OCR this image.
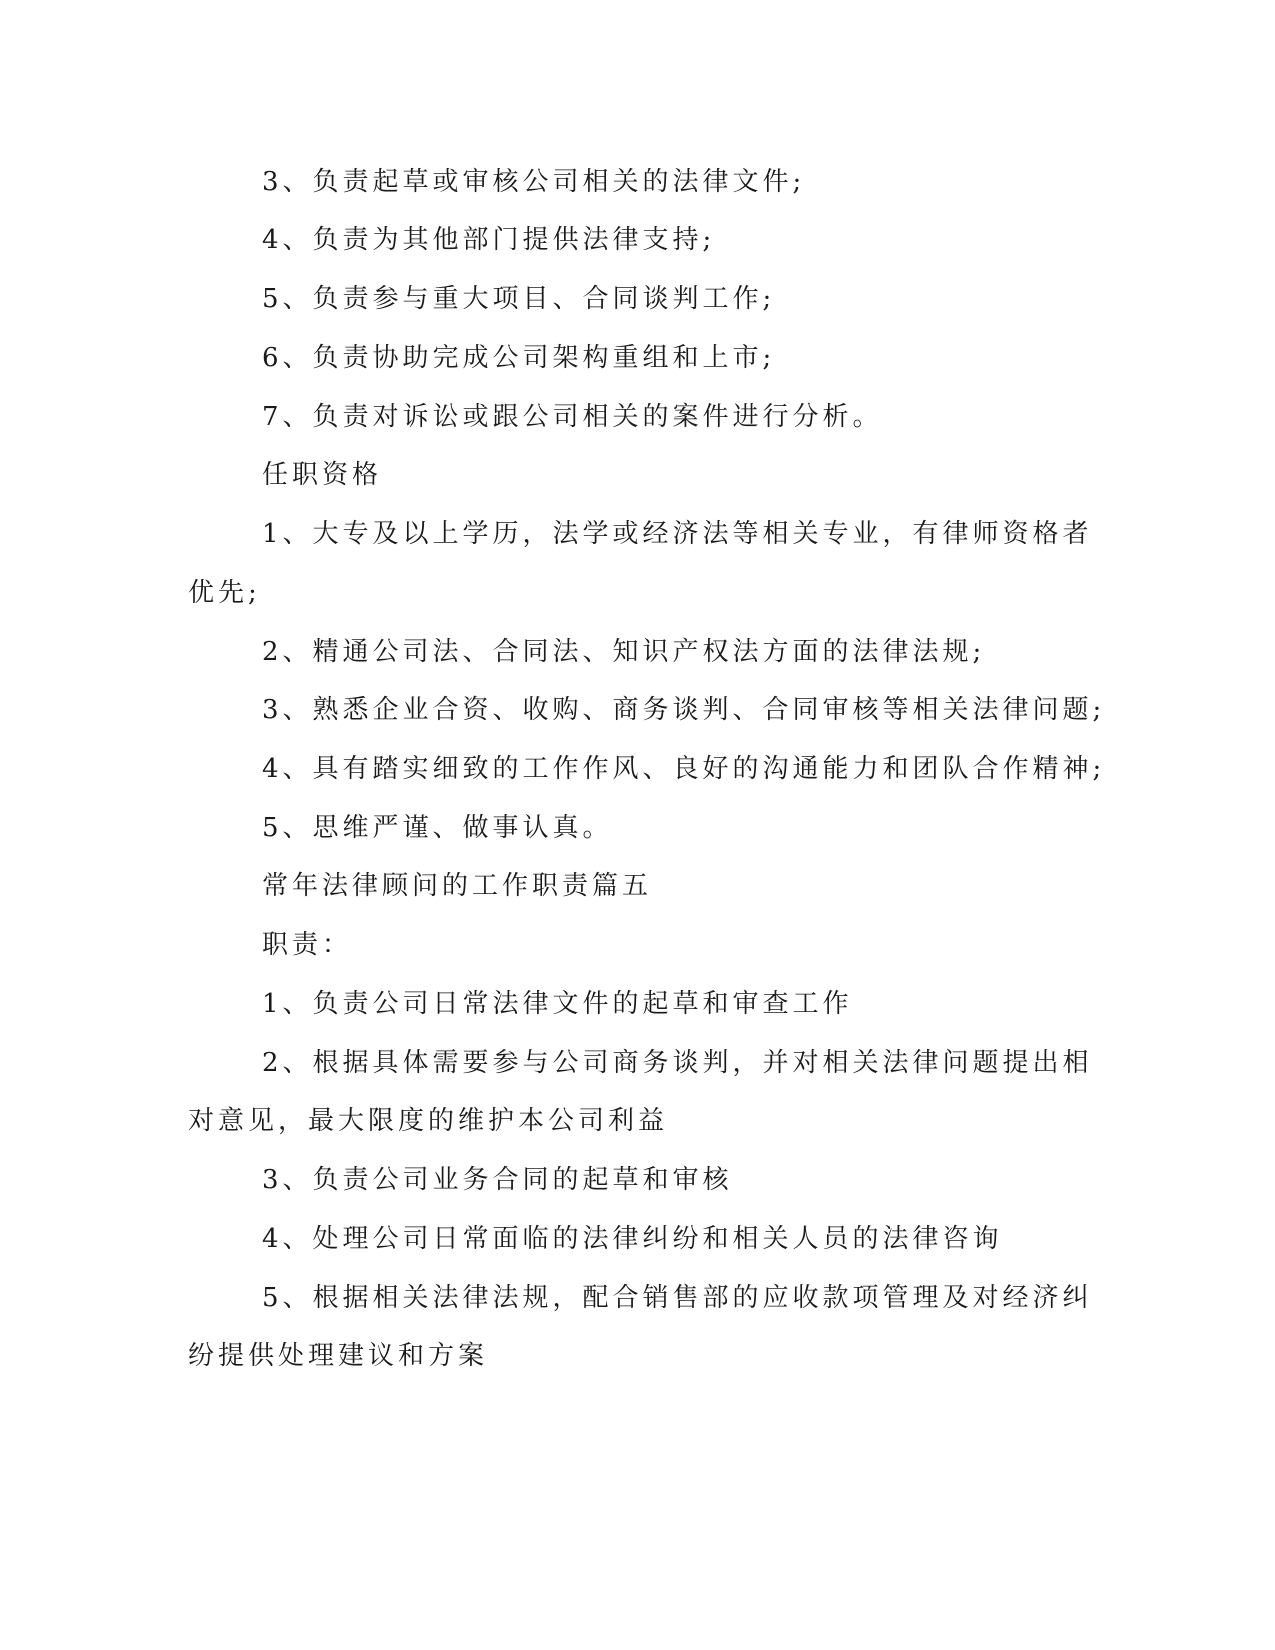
3、负责起草或审核公司相关的法律文件;
4、负责为其他部门提供法律支持;
5、负责参与重大项目、合同谈判工作;
6、负责协助完成公司架构重组和上市;
7、负责对诉讼或跟公司相关的案件进行分析。
任职资格
1、大专及以上学历，法学或经济法等相关专业，有律师资格者
优先;
2、精通公司法、合同法、知识产权法方面的法律法规;
3、熟悉企业合资、收购、商务谈判、合同审核等相关法律问题;
4、具有踏实细致的工作作风、良好的沟通能力和团队合作精神;
5、思维严谨、做事认真。
常年法律顾问的工作职责篇五
职责：
1、负责公司日常法律文件的起草和审查工作
2、根据具体需要参与公司商务谈判，并对相关法律问题提出相
对意见，最大限度的维护本公司利益
3、负责公司业务合同的起草和审核
4、处理公司日常面临的法律纠纷和相关人员的法律咨询
5、根据相关法律法规，配合销售部的应收款项管理及对经济纠
纷提供处理建议和方案
